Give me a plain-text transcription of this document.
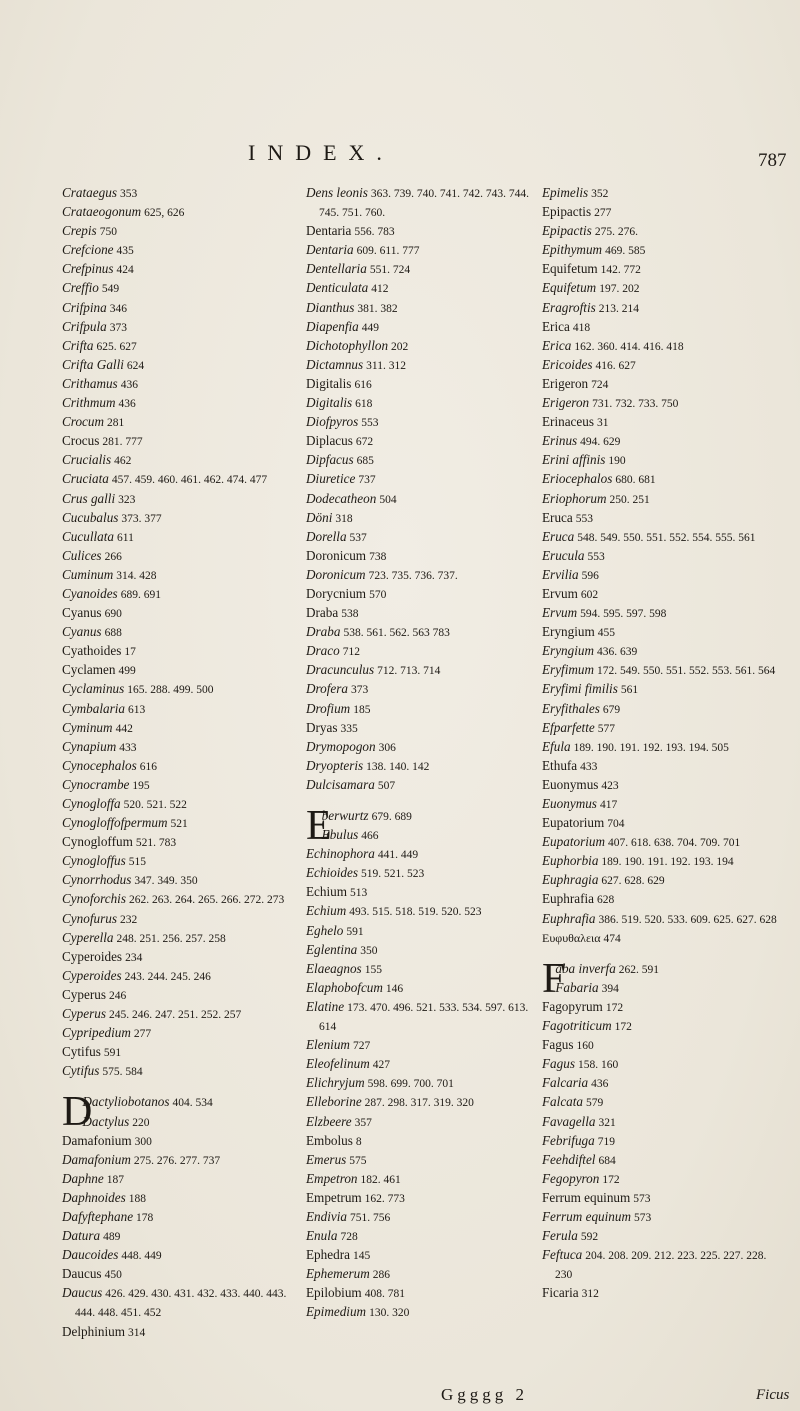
INDEX.	787
Crataegus 353
Crataeogonum 625, 626
Crepis 750
Crefcione 435
Crefpinus 424
Creffio 549
Crifpina 346
Crifpula 373
Crifta 625. 627
Crifta Galli 624
Crithamus 436
Crithmum 436
Crocum 281
Crocus 281. 777
Crucialis 462
Cruciata 457. 459. 460. 461. 462. 474. 477
Crus galli 323
Cucubalus 373. 377
Cucullata 611
Culices 266
Cuminum 314. 428
Cyanoides 689. 691
Cyanus 690
Cyanus 688
Cyathoides 17
Cyclamen 499
Cyclaminus 165. 288. 499. 500
Cymbalaria 613
Cyminum 442
Cynapium 433
Cynocephalos 616
Cynocrambe 195
Cynogloffa 520. 521. 522
Cynogloffofpermum 521
Cynogloffum 521. 783
Cynogloffus 515
Cynorrhodus 347. 349. 350
Cynoforchis 262. 263. 264. 265. 266. 272. 273
Cynofurus 232
Cyperella 248. 251. 256. 257. 258
Cyperoides 234
Cyperoides 243. 244. 245. 246
Cyperus 246
Cyperus 245. 246. 247. 251. 252. 257
Cypripedium 277
Cytifus 591
Cytifus 575. 584
D
Dactyliobotanos 404. 534
Dactylus 220
Damafonium 300
Damafonium 275. 276. 277. 737
Daphne 187
Daphnoides 188
Dafyftephane 178
Datura 489
Daucoides 448. 449
Daucus 450
Daucus 426. 429. 430. 431. 432. 433. 440. 443. 444. 448. 451. 452
Delphinium 314
Dens leonis 363. 739. 740. 741. 742. 743. 744. 745. 751. 760.
Dentaria 556. 783
Dentaria 609. 611. 777
Dentellaria 551. 724
Denticulata 412
Dianthus 381. 382
Diapenfia 449
Dichotophyllon 202
Dictamnus 311. 312
Digitalis 616
Digitalis 618
Diofpyros 553
Diplacus 672
Dipfacus 685
Diuretice 737
Dodecatheon 504
Döni 318
Dorella 537
Doronicum 738
Doronicum 723. 735. 736. 737.
Dorycnium 570
Draba 538
Draba 538. 561. 562. 563 783
Draco 712
Dracunculus 712. 713. 714
Drofera 373
Drofium 185
Dryas 335
Drymopogon 306
Dryopteris 138. 140. 142
Dulcisamara 507
E
berwurtz 679. 689
Ebulus 466
Echinophora 441. 449
Echioides 519. 521. 523
Echium 513
Echium 493. 515. 518. 519. 520. 523
Eghelo 591
Eglentina 350
Elaeagnos 155
Elaphobofcum 146
Elatine 173. 470. 496. 521. 533. 534. 597. 613. 614
Elenium 727
Eleofelinum 427
Elichryjum 598. 699. 700. 701
Elleborine 287. 298. 317. 319. 320
Elzbeere 357
Embolus 8
Emerus 575
Empetron 182. 461
Empetrum 162. 773
Endivia 751. 756
Enula 728
Ephedra 145
Ephemerum 286
Epilobium 408. 781
Epimedium 130. 320
Epimelis 352
Epipactis 277
Epipactis 275. 276.
Epithymum 469. 585
Equifetum 142. 772
Equifetum 197. 202
Eragroftis 213. 214
Erica 418
Erica 162. 360. 414. 416. 418
Ericoides 416. 627
Erigeron 724
Erigeron 731. 732. 733. 750
Erinaceus 31
Erinus 494. 629
Erini affinis 190
Eriocephalos 680. 681
Eriophorum 250. 251
Eruca 553
Eruca 548. 549. 550. 551. 552. 554. 555. 561
Erucula 553
Ervilia 596
Ervum 602
Ervum 594. 595. 597. 598
Eryngium 455
Eryngium 436. 639
Eryfimum 172. 549. 550. 551. 552. 553. 561. 564
Eryfimi fimilis 561
Eryfithales 679
Efparfette 577
Efula 189. 190. 191. 192. 193. 194. 505
Ethufa 433
Euonymus 423
Euonymus 417
Eupatorium 704
Eupatorium 407. 618. 638. 704. 709. 701
Euphorbia 189. 190. 191. 192. 193. 194
Euphragia 627. 628. 629
Euphrafia 628
Euphrafia 386. 519. 520. 533. 609. 625. 627. 628
Ευφυθαλεια 474
F
aba inverfa 262. 591
Fabaria 394
Fagopyrum 172
Fagotriticum 172
Fagus 160
Fagus 158. 160
Falcaria 436
Falcata 579
Favagella 321
Febrifuga 719
Feehdiftel 684
Fegopyron 172
Ferrum equinum 573
Ferrum equinum 573
Ferula 592
Feftuca 204. 208. 209. 212. 223. 225. 227. 228. 230
Ficaria 312
Ggggg 2	Ficus
